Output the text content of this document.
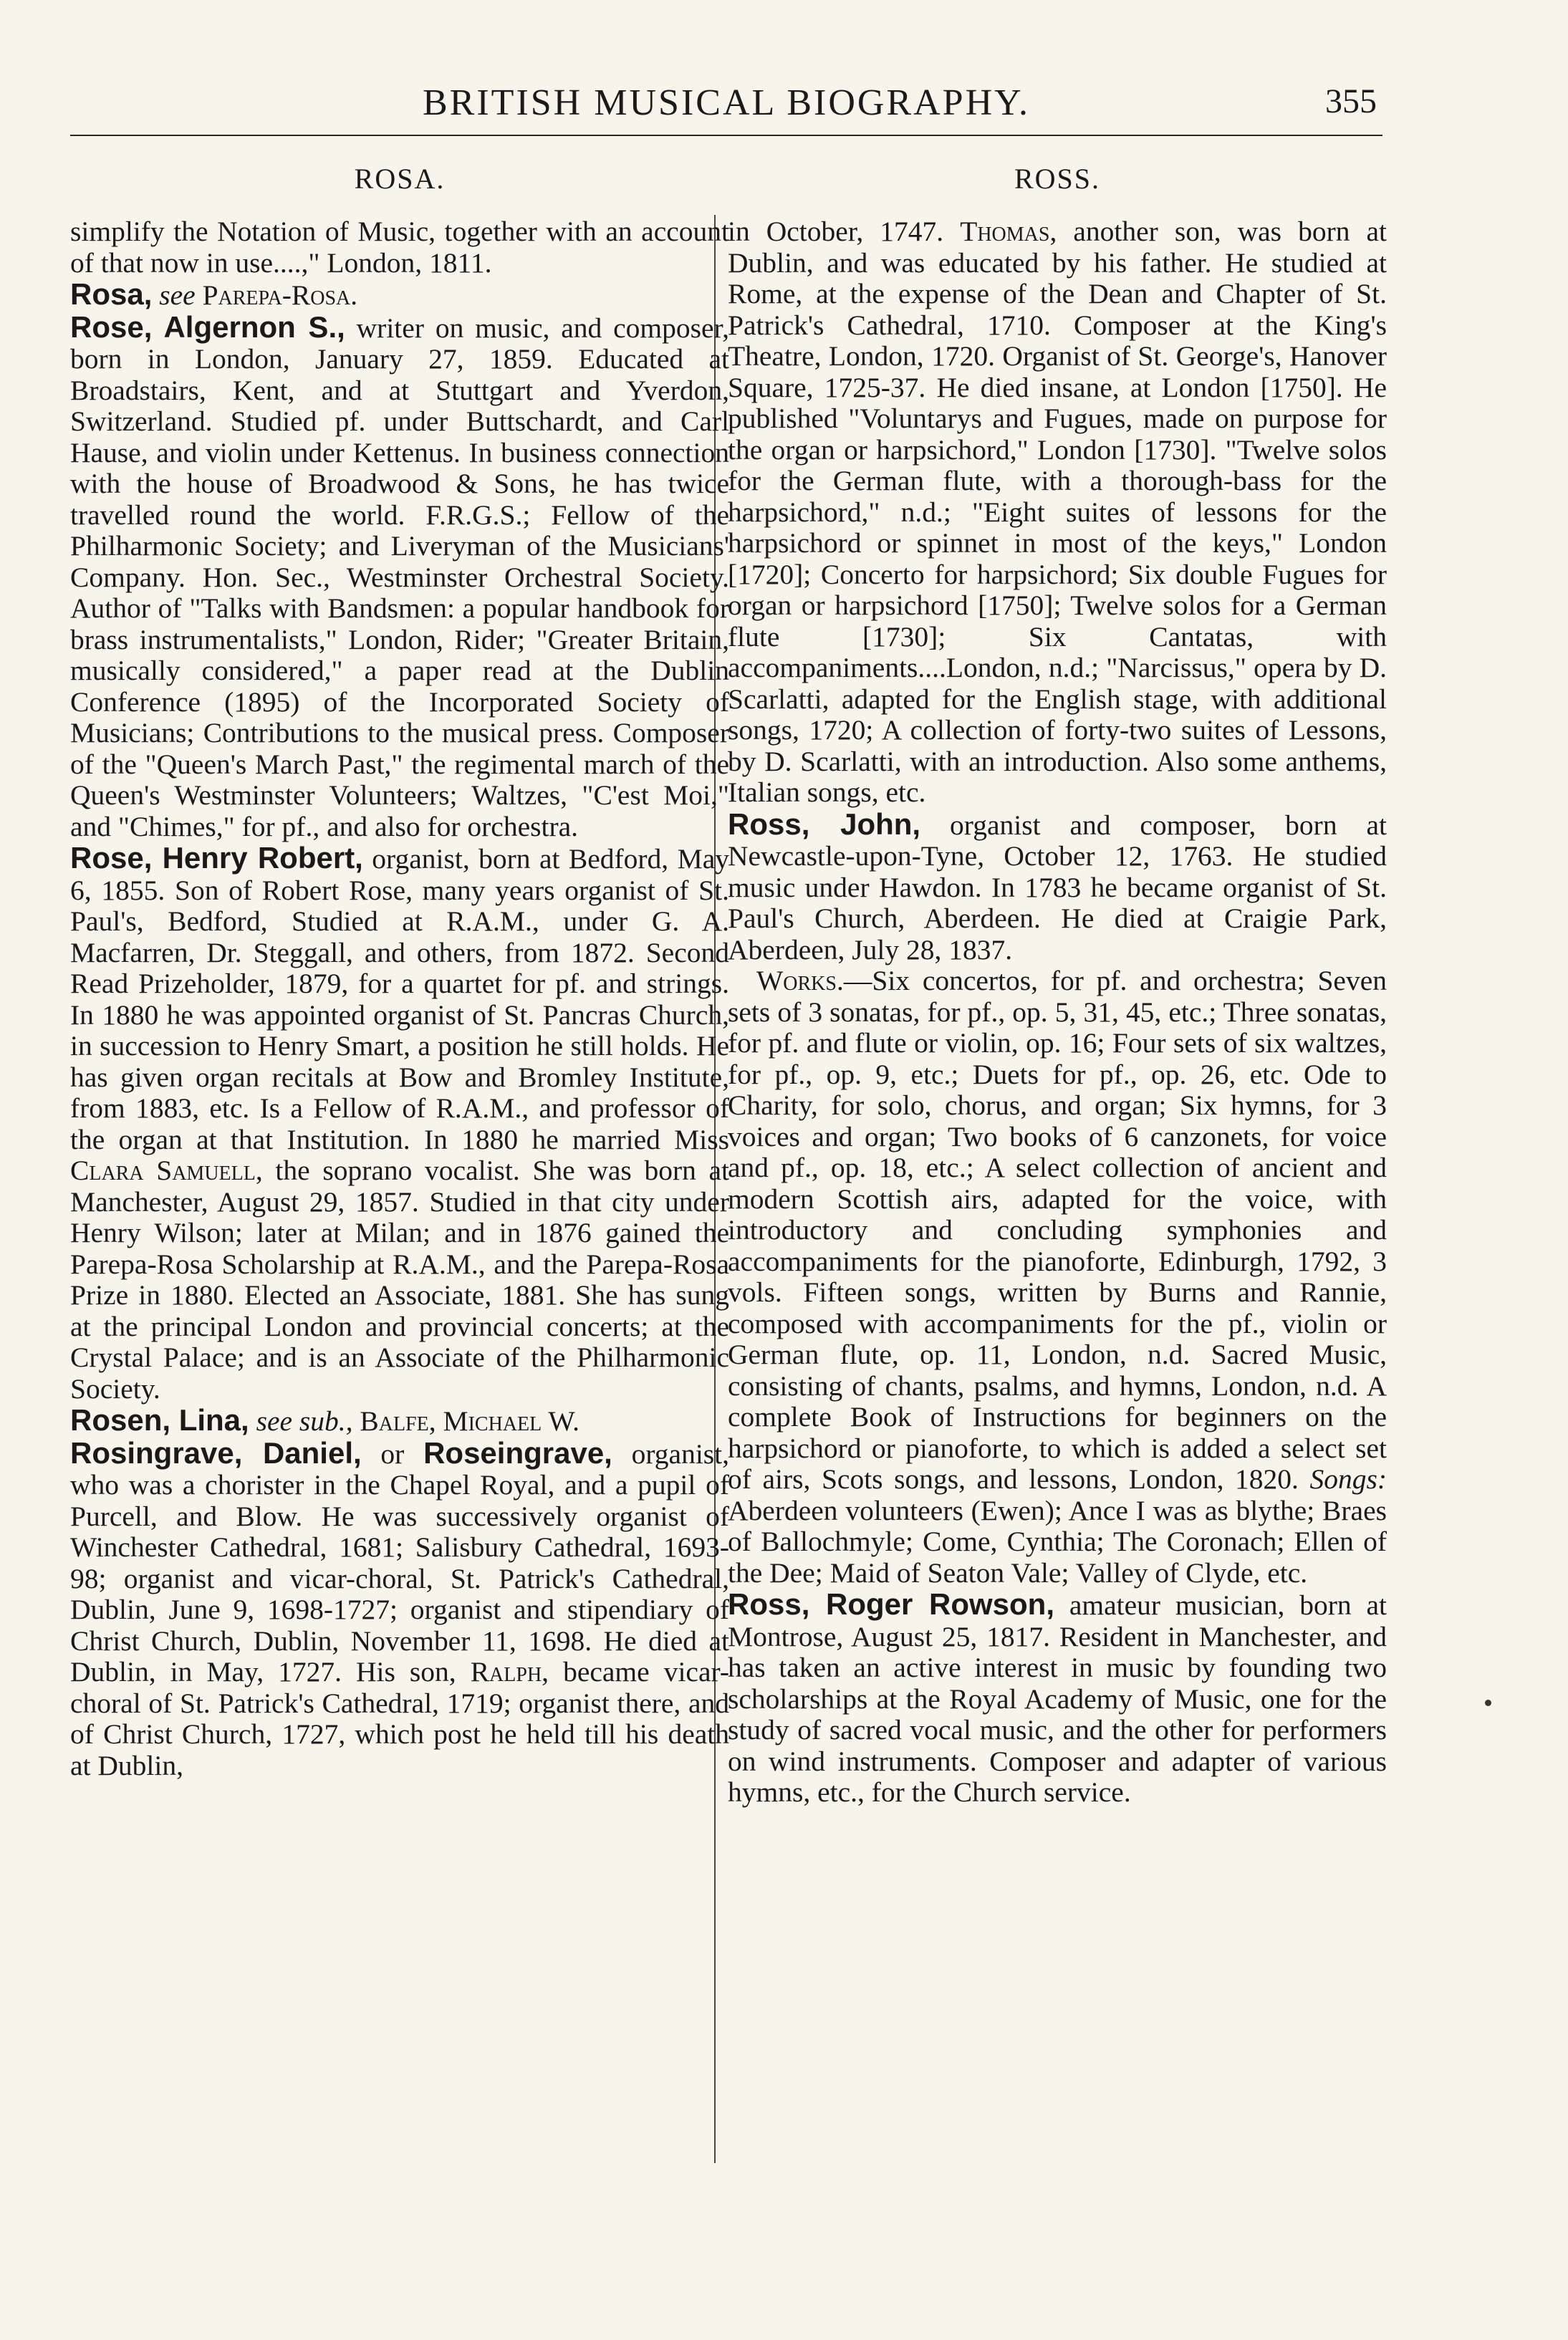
BRITISH MUSICAL BIOGRAPHY.	355
ROSA.	ROSS.

simplify the Notation of Music, together with an account of that now in use....," London, 1811.

Rosa, see Parepa-Rosa.

Rose, Algernon S., writer on music, and composer, born in London, January 27, 1859. Educated at Broadstairs, Kent, and at Stuttgart and Yverdon, Switzerland. Studied pf. under Buttschardt, and Carl Hause, and violin under Kettenus. In business connection with the house of Broadwood & Sons, he has twice travelled round the world. F.R.G.S.; Fellow of the Philharmonic Society; and Liveryman of the Musicians' Company. Hon. Sec., Westminster Orchestral Society. Author of "Talks with Bandsmen: a popular handbook for brass instrumentalists," London, Rider; "Greater Britain, musically considered," a paper read at the Dublin Conference (1895) of the Incorporated Society of Musicians; Contributions to the musical press. Composer of the "Queen's March Past," the regimental march of the Queen's Westminster Volunteers; Waltzes, "C'est Moi," and "Chimes," for pf., and also for orchestra.

Rose, Henry Robert, organist, born at Bedford, May 6, 1855. Son of Robert Rose, many years organist of St. Paul's, Bedford, Studied at R.A.M., under G. A. Macfarren, Dr. Steggall, and others, from 1872. Second Read Prizeholder, 1879, for a quartet for pf. and strings. In 1880 he was appointed organist of St. Pancras Church, in succession to Henry Smart, a position he still holds. He has given organ recitals at Bow and Bromley Institute, from 1883, etc. Is a Fellow of R.A.M., and professor of the organ at that Institution. In 1880 he married Miss Clara Samuell, the soprano vocalist. She was born at Manchester, August 29, 1857. Studied in that city under Henry Wilson; later at Milan; and in 1876 gained the Parepa-Rosa Scholarship at R.A.M., and the Parepa-Rosa Prize in 1880. Elected an Associate, 1881. She has sung at the principal London and provincial concerts; at the Crystal Palace; and is an Associate of the Philharmonic Society.

Rosen, Lina, see sub., Balfe, Michael W.

Rosingrave, Daniel, or Roseingrave, organist, who was a chorister in the Chapel Royal, and a pupil of Purcell, and Blow. He was successively organist of Winchester Cathedral, 1681; Salisbury Cathedral, 1693-98; organist and vicar-choral, St. Patrick's Cathedral, Dublin, June 9, 1698-1727; organist and stipendiary of Christ Church, Dublin, November 11, 1698. He died at Dublin, in May, 1727. His son, Ralph, became vicar-choral of St. Patrick's Cathedral, 1719; organist there, and of Christ Church, 1727, which post he held till his death at Dublin,

in October, 1747. Thomas, another son, was born at Dublin, and was educated by his father. He studied at Rome, at the expense of the Dean and Chapter of St. Patrick's Cathedral, 1710. Composer at the King's Theatre, London, 1720. Organist of St. George's, Hanover Square, 1725-37. He died insane, at London [1750]. He published "Voluntarys and Fugues, made on purpose for the organ or harpsichord," London [1730]. "Twelve solos for the German flute, with a thorough-bass for the harpsichord," n.d.; "Eight suites of lessons for the harpsichord or spinnet in most of the keys," London [1720]; Concerto for harpsichord; Six double Fugues for organ or harpsichord [1750]; Twelve solos for a German flute [1730]; Six Cantatas, with accompaniments....London, n.d.; "Narcissus," opera by D. Scarlatti, adapted for the English stage, with additional songs, 1720; A collection of forty-two suites of Lessons, by D. Scarlatti, with an introduction. Also some anthems, Italian songs, etc.

Ross, John, organist and composer, born at Newcastle-upon-Tyne, October 12, 1763. He studied music under Hawdon. In 1783 he became organist of St. Paul's Church, Aberdeen. He died at Craigie Park, Aberdeen, July 28, 1837.

Works.—Six concertos, for pf. and orchestra; Seven sets of 3 sonatas, for pf., op. 5, 31, 45, etc.; Three sonatas, for pf. and flute or violin, op. 16; Four sets of six waltzes, for pf., op. 9, etc.; Duets for pf., op. 26, etc. Ode to Charity, for solo, chorus, and organ; Six hymns, for 3 voices and organ; Two books of 6 canzonets, for voice and pf., op. 18, etc.; A select collection of ancient and modern Scottish airs, adapted for the voice, with introductory and concluding symphonies and accompaniments for the pianoforte, Edinburgh, 1792, 3 vols. Fifteen songs, written by Burns and Rannie, composed with accompaniments for the pf., violin or German flute, op. 11, London, n.d. Sacred Music, consisting of chants, psalms, and hymns, London, n.d. A complete Book of Instructions for beginners on the harpsichord or pianoforte, to which is added a select set of airs, Scots songs, and lessons, London, 1820. Songs: Aberdeen volunteers (Ewen); Ance I was as blythe; Braes of Ballochmyle; Come, Cynthia; The Coronach; Ellen of the Dee; Maid of Seaton Vale; Valley of Clyde, etc.

Ross, Roger Rowson, amateur musician, born at Montrose, August 25, 1817. Resident in Manchester, and has taken an active interest in music by founding two scholarships at the Royal Academy of Music, one for the study of sacred vocal music, and the other for performers on wind instruments. Composer and adapter of various hymns, etc., for the Church service.
